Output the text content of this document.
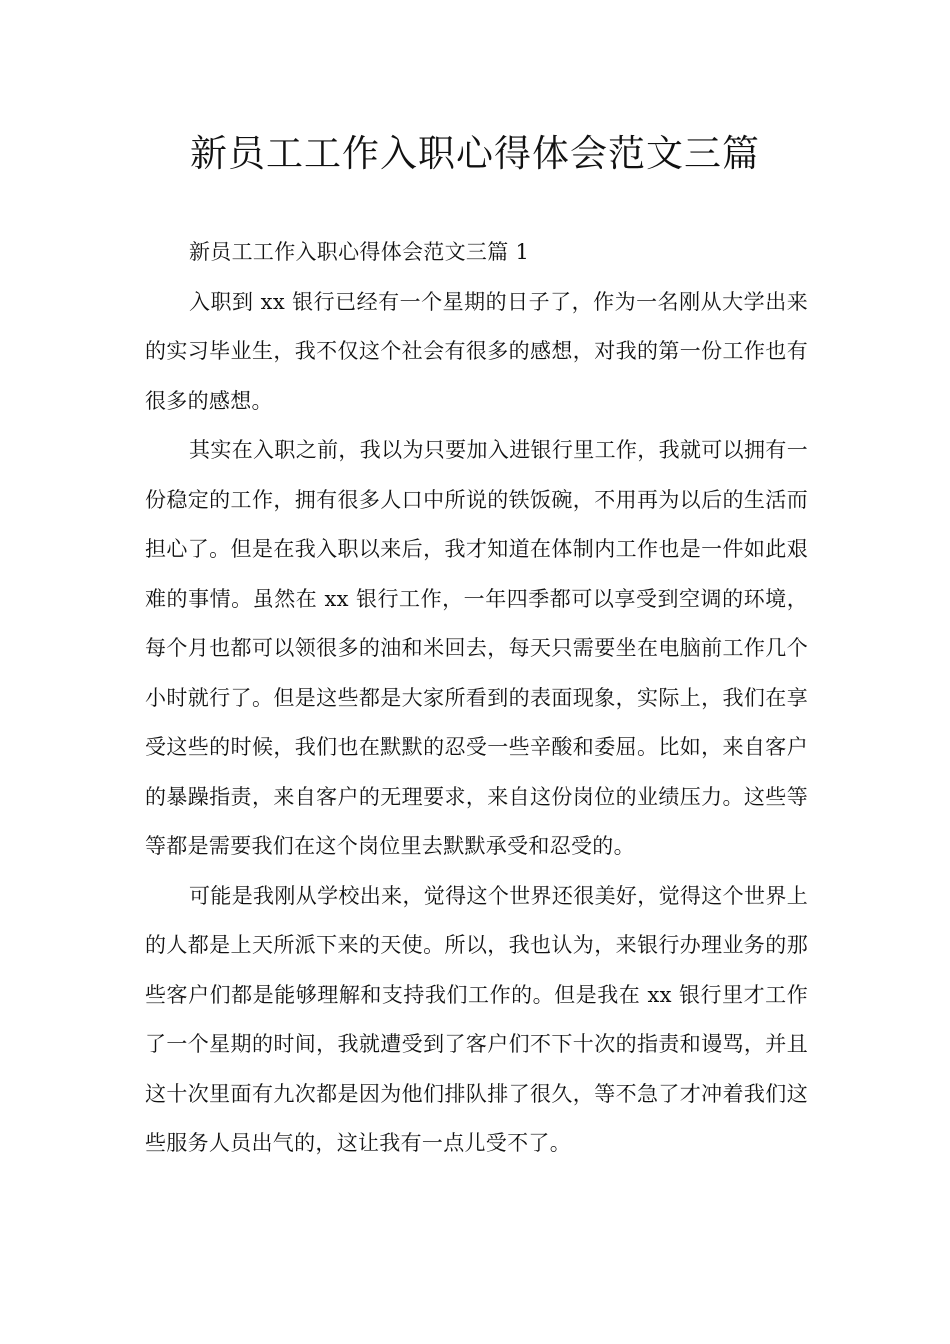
新员工工作入职心得体会范文三篇

新员工工作入职心得体会范文三篇 1

入职到 xx 银行已经有一个星期的日子了，作为一名刚从大学出来的实习毕业生，我不仅这个社会有很多的感想，对我的第一份工作也有很多的感想。

其实在入职之前，我以为只要加入进银行里工作，我就可以拥有一份稳定的工作，拥有很多人口中所说的铁饭碗，不用再为以后的生活而担心了。但是在我入职以来后，我才知道在体制内工作也是一件如此艰难的事情。虽然在 xx 银行工作，一年四季都可以享受到空调的环境，每个月也都可以领很多的油和米回去，每天只需要坐在电脑前工作几个小时就行了。但是这些都是大家所看到的表面现象，实际上，我们在享受这些的时候，我们也在默默的忍受一些辛酸和委屈。比如，来自客户的暴躁指责，来自客户的无理要求，来自这份岗位的业绩压力。这些等等都是需要我们在这个岗位里去默默承受和忍受的。

可能是我刚从学校出来，觉得这个世界还很美好，觉得这个世界上的人都是上天所派下来的天使。所以，我也认为，来银行办理业务的那些客户们都是能够理解和支持我们工作的。但是我在 xx 银行里才工作了一个星期的时间，我就遭受到了客户们不下十次的指责和谩骂，并且这十次里面有九次都是因为他们排队排了很久，等不急了才冲着我们这些服务人员出气的，这让我有一点儿受不了。
